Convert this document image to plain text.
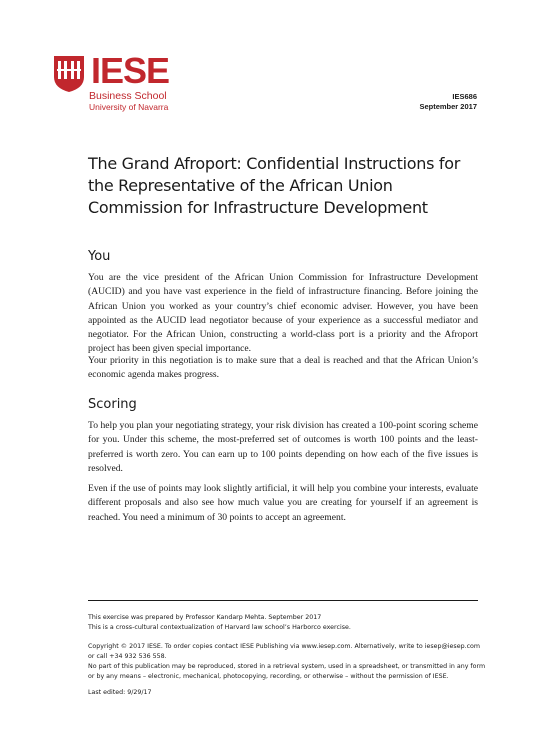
IESE
Business School
University of Navarra
IES686
September 2017
The Grand Afroport: Confidential Instructions for the Representative of the African Union Commission for Infrastructure Development
You

You are the vice president of the African Union Commission for Infrastructure Development (AUCID) and you have vast experience in the field of infrastructure financing. Before joining the African Union you worked as your country’s chief economic adviser. However, you have been appointed as the AUCID lead negotiator because of your experience as a successful mediator and negotiator. For the African Union, constructing a world-class port is a priority and the Afroport project has been given special importance.

Your priority in this negotiation is to make sure that a deal is reached and that the African Union’s economic agenda makes progress.

Scoring

To help you plan your negotiating strategy, your risk division has created a 100-point scoring scheme for you. Under this scheme, the most-preferred set of outcomes is worth 100 points and the least-preferred is worth zero. You can earn up to 100 points depending on how each of the five issues is resolved.

Even if the use of points may look slightly artificial, it will help you combine your interests, evaluate different proposals and also see how much value you are creating for yourself if an agreement is reached. You need a minimum of 30 points to accept an agreement.

This exercise was prepared by Professor Kandarp Mehta. September 2017

This is a cross-cultural contextualization of Harvard law school’s Harborco exercise.

Copyright © 2017 IESE. To order copies contact IESE Publishing via www.iesep.com. Alternatively, write to iesep@iesep.com

or call +34 932 536 558.

No part of this publication may be reproduced, stored in a retrieval system, used in a spreadsheet, or transmitted in any form

or by any means – electronic, mechanical, photocopying, recording, or otherwise – without the permission of IESE.

Last edited: 9/29/17
